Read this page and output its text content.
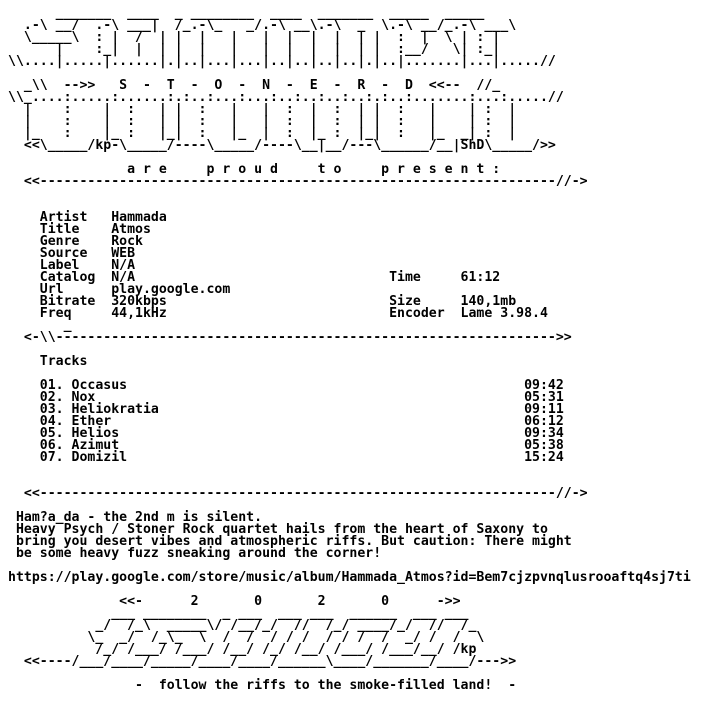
_______  ____  _ ________  ____  _______  _____  _____
.-\ __/  .-\ ___|  /_.-\_   _/.-\ __\.-\  _  \.-\ __/_.-\ ___\
\_____\  : |  /  | |  |   |   |  |  |  |  | |  :  |  \ | : |
|    :_|  |  | |  |   |   |  |  |  |  | |  :__/   \| :_|
\\....|.....|......|.|..|...|...|..|..|..|..|.|..|.......|...|.....//

_\\  -->>   S  -  T  -  O  -  N  -  E  -  R  -  D  <<--  //_
\\_....:.....:......:.:..:...:...:..:..:..:..:.:..:.......:...:.....//
|    :    |  :   | |  :   |   |  :  |  :  | |  :   |    | :  |
|    :    |  :   | |  :   |   |  :  |  :  | |  :   |    | :  |
|_   :    |_ :   |_|  :   |_  |  :  |_ :  |_|  :   |_  _| :  |
<<\_____/kp-\_____/----\_____/----\__|__/---\______/__|ShD\_____/>>

a r e     p r o u d     t o     p r e s e n t :
<<-----------------------------------------------------------------//->

Artist   Hammada
Title    Atmos
Genre    Rock
Source   WEB
Label    N/A
Catalog  N/A                                Time     61:12
Url      play.google.com
Bitrate  320kbps                            Size     140,1mb
Freq     44,1kHz                            Encoder  Lame 3.98.4
_
<-\\--------------------------------------------------------------->>

Tracks

01. Occasus                                                  09:42
02. Nox                                                      05:31
03. Heliokratia                                              09:11
04. Ether                                                    06:12
05. Helios                                                   09:34
06. Azimut                                                   05:38
07. Domizil                                                  15:24

<<-----------------------------------------------------------------//->

Ham?a_da - the 2nd m is silent.
Heavy Psych / Stoner Rock quartet hails from the heart of Saxony to
bring you desert vibes and atmospheric riffs. But caution: There might
be some heavy fuzz sneaking around the corner!

https://play.google.com/store/music/album/Hammada_Atmos?id=Bem7cjzpvnqlusrooaftq4sj7ti

<<-      2       0       2       0      ->>
___ ________  _ ___  ___ ___  ______  ___ ___
_/  /_\  _____\/ /__/_/  //  /_/ ____/_/  //  /_
\_  _/  /_\_  \  /  /  / / /  / / /  /  _/ /  /  \
/_/ /___/ /___/ /__/ /_/ /__/ /___/ /___/__/ /kp
<<----/___/____/_____/____/____/______\____/_______/____/--->>

-  follow the riffs to the smoke-filled land!  -
